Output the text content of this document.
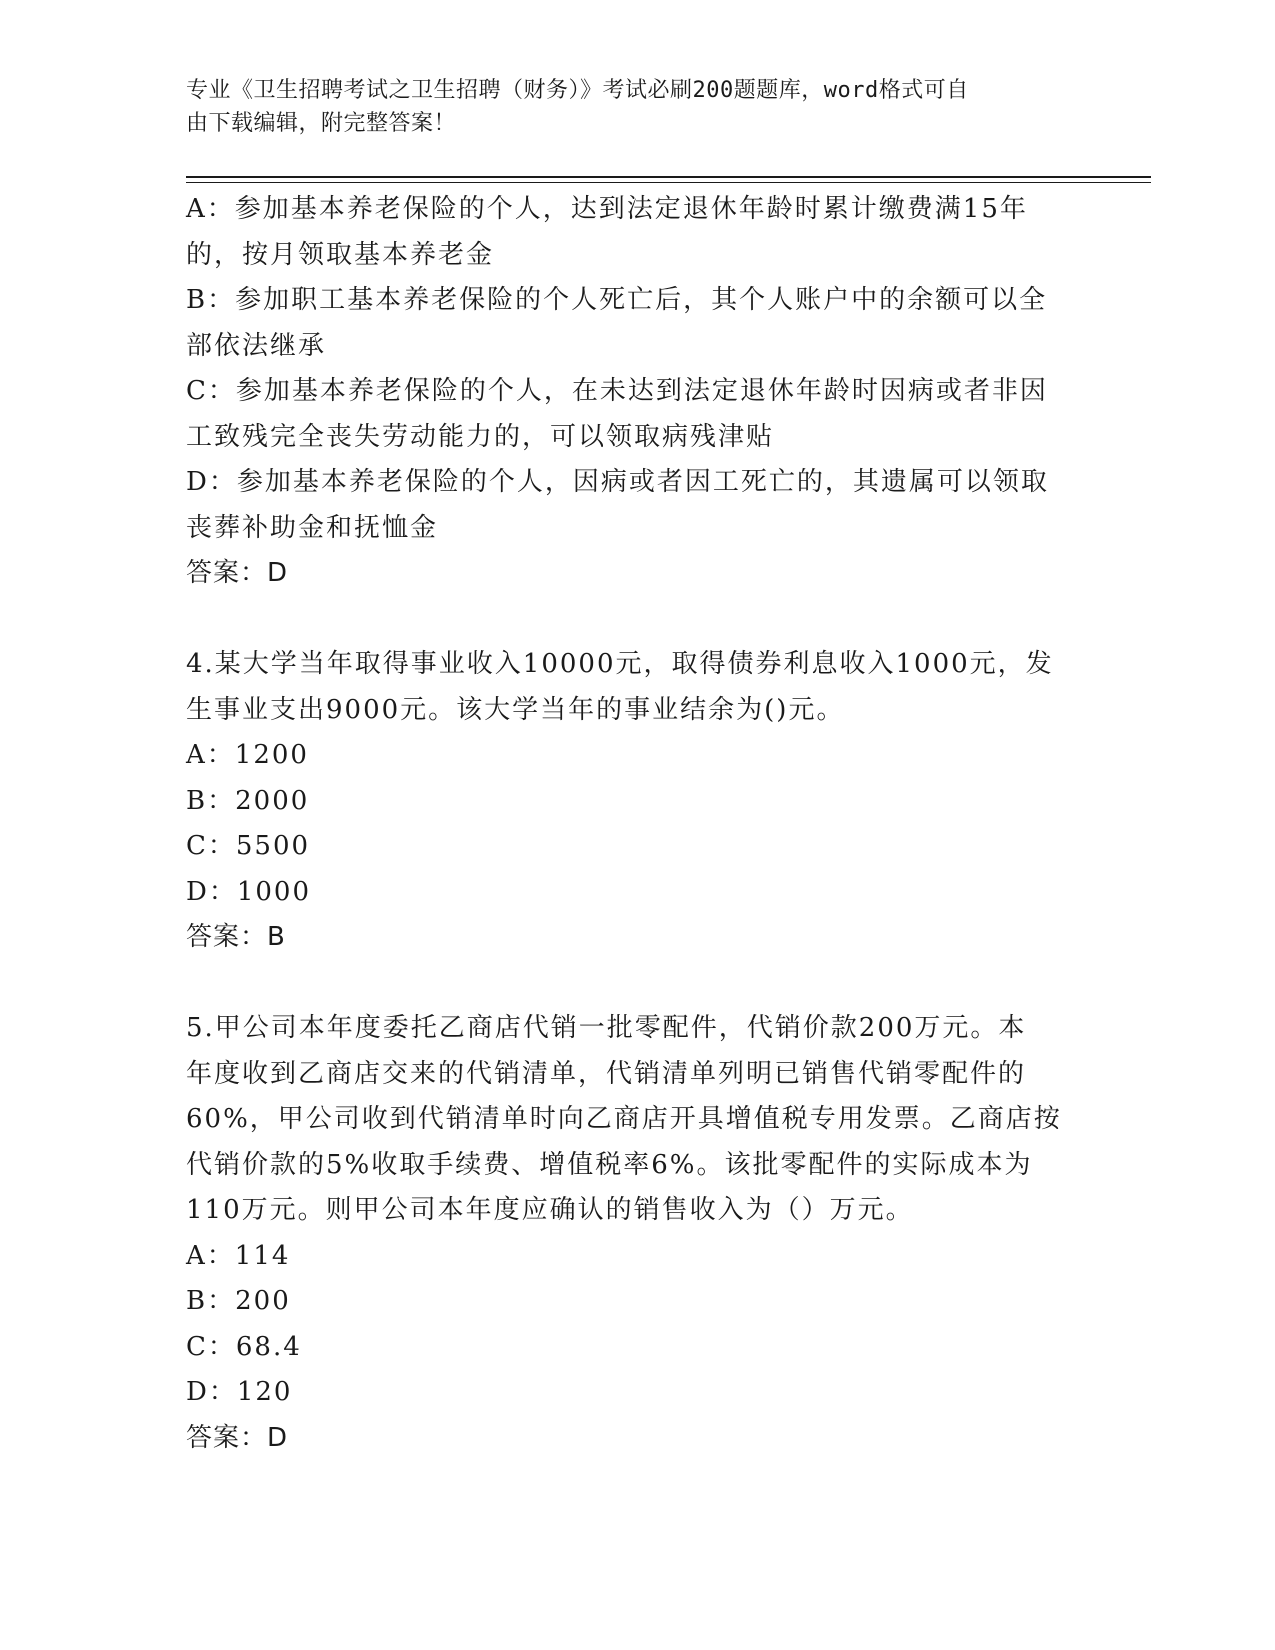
专业《卫生招聘考试之卫生招聘（财务）》考试必刷200题题库，word格式可自
由下载编辑，附完整答案！
A：参加基本养老保险的个人，达到法定退休年龄时累计缴费满15年
的，按月领取基本养老金
B：参加职工基本养老保险的个人死亡后，其个人账户中的余额可以全
部依法继承
C：参加基本养老保险的个人，在未达到法定退休年龄时因病或者非因
工致残完全丧失劳动能力的，可以领取病残津贴
D：参加基本养老保险的个人，因病或者因工死亡的，其遗属可以领取
丧葬补助金和抚恤金
答案：D
4.某大学当年取得事业收入10000元，取得债券利息收入1000元，发
生事业支出9000元。该大学当年的事业结余为()元。
A：1200
B：2000
C：5500
D：1000
答案：B
5.甲公司本年度委托乙商店代销一批零配件，代销价款200万元。本
年度收到乙商店交来的代销清单，代销清单列明已销售代销零配件的
60%，甲公司收到代销清单时向乙商店开具增值税专用发票。乙商店按
代销价款的5%收取手续费、增值税率6%。该批零配件的实际成本为
110万元。则甲公司本年度应确认的销售收入为（）万元。
A：114
B：200
C：68.4
D：120
答案：D
